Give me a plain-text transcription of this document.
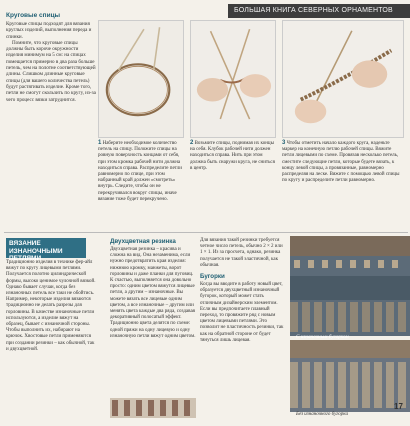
БОЛЬШАЯ КНИГА СЕВЕРНЫХ ОРНАМЕНТОВ
Круговые спицы

Круговые спицы подходят для вязания круглых изделий, выполнения переда и спинки.

Помните, что круговые спицы должны быть короче окружности изделия минимум на 5 см: на спицах помещается примерно в два раза больше петель, чем на полотне соответствующей длины. Слишком длинные круговые спицы (для вашего количества петель) будут растягивать изделие. Кроме того, петли не смогут скользить по кругу, из-за чего процесс вязки затруднится.

1 Наберите необходимое количество петель на спицу. Положите спицы на ровную поверхность концами от себя, при этом кромка рабочей нити должна находиться справа. Распределите петли равномерно по спице, при этом набранный край должен «смотреть» внутрь. Следите, чтобы он не перекручивался вокруг спицы, иначе вязание тоже будет перекручено.
2 Возьмите спицы, поднимая их концы на себя. Клубок рабочей нити должен находиться справа. Нить при этом должна быть снаружи круга, не сниться в центр.
3 Чтобы отметить начало каждого круга, наденьте маркер на конечную петлю рабочей спицы. Вяжите петли лицевыми по схеме. Провязав несколько петель, сместите следующие петли, которые будете вязать, к концу левой спицы, а провязанные, равномерно распределяя на леске. Вяжите с помощью левой спицы по кругу и распределите петли равномерно.
ВЯЗАНИЕ ИЗНАНОЧНЫМИ ПЕТЛЯМИ

Традиционно изделия в технике фер-айл вяжут по кругу лицевыми петлями. Получается полотно цилиндрической формы, высоко ценимое чулочной вязкой. Однако бывает случаи, когда без изнаночных петель все таки не обойтись. Например, некоторые изделия вязаются традиционно не делать разрезы для горловины. В качестве изнаночные петли используются, а изделие вяжут на образец, бывает с изнаночной стороны. Чтобы выполнить их, набирают на крючок. Хвостовые петли применяются при создании резинки – как обычной, так и двухцветной.

Двухцветная резинка

Двухцветная резинка – красива и сложна на вид. Она незаменима, если нужно предотвратить края изделия: нижнюю кромку, манжеты, ворот горловины и даже планки для пуговиц. К счастью, выполняется она довольно просто: одним цветом вяжутся лицевые петли, а другим – изнаночные. Вы можете вязать все лицевые одним цветом, а все изнаночные – другим или менять цвета каждые два ряда, создавая декоративный полосатый эффект. Традиционно цвета делятся по схеме: одной пряжи на одну лицевую и одну изнаночную петли вяжут одним цветом.

Для вязания такой резинки требуется четное число петель, обычно 2 × 2 или 1 × 1. Из за просчета, однако, резинка получается не такой эластичной, как обычная.

Бугорки

Когда вы вводите в работу новый цвет, образуется двухцветный изнаночный бугорок, который может стать отличным дизайнерским элементом. Если вы предпочитаете плавный переход, то провяжите ряд с новым цветом лицевыми петлями. Это позволит не пластичность резинки, так как на обратной стороне от будет тянуться лишь лицевая.

С изнаночным бугорком
Без изнаночного бугорка
17
